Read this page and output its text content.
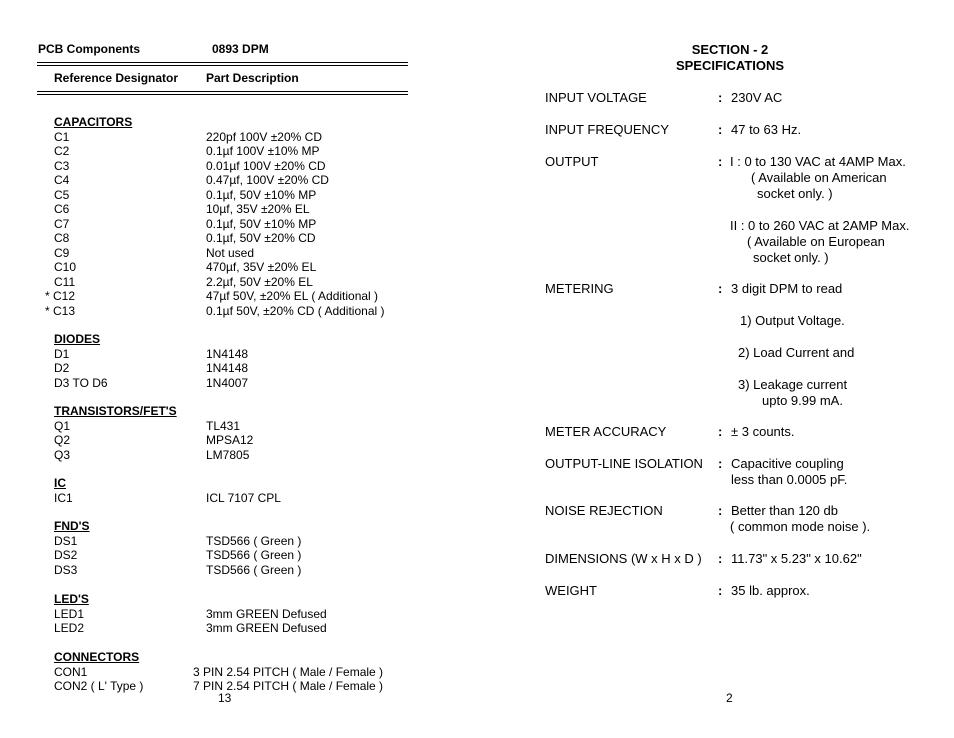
PCB Components	0893 DPM
Reference Designator Part Description
CAPACITORS
C1	220pf 100V ±20% CD
C2	0.1µf 100V ±10% MP
C3	0.01µf 100V ±20% CD
C4	0.47µf, 100V ±20% CD
C5	0.1µf, 50V ±10% MP
C6	10µf, 35V ±20% EL
C7	0.1µf, 50V ±10% MP
C8	0.1µf, 50V ±20% CD
C9	Not used
C10	470µf, 35V ±20% EL
C11	2.2µf, 50V ±20% EL
* C12	47µf 50V, ±20% EL ( Additional )
* C13	0.1µf 50V, ±20% CD ( Additional )
DIODES
D1	1N4148
D2	1N4148
D3 TO D6	1N4007
TRANSISTORS/FET'S
Q1	TL431
Q2	MPSA12
Q3	LM7805
IC
IC1	ICL 7107 CPL
FND'S
DS1	TSD566 ( Green )
DS2	TSD566 ( Green )
DS3	TSD566 ( Green )
LED'S
LED1	3mm GREEN Defused
LED2	3mm GREEN Defused
CONNECTORS
CON1	3 PIN 2.54 PITCH ( Male / Female )
CON2 ( L' Type )	7 PIN 2.54 PITCH ( Male / Female )
13
SECTION - 2
SPECIFICATIONS
INPUT VOLTAGE	: 230V AC
INPUT FREQUENCY	: 47 to 63 Hz.
OUTPUT	: I : 0 to 130 VAC at 4AMP Max.
( Available on American
socket only. )
II : 0 to 260 VAC at 2AMP Max.
( Available on European
socket only. )
METERING	: 3 digit DPM to read
1) Output Voltage.
2) Load Current and
3) Leakage current
upto 9.99 mA.
METER ACCURACY	: ± 3 counts.
OUTPUT-LINE ISOLATION : Capacitive coupling
less than 0.0005 pF.
NOISE REJECTION	: Better than 120 db
( common mode noise ).
DIMENSIONS (W x H x D ) : 11.73" x 5.23" x 10.62"
WEIGHT	: 35 lb. approx.
2
